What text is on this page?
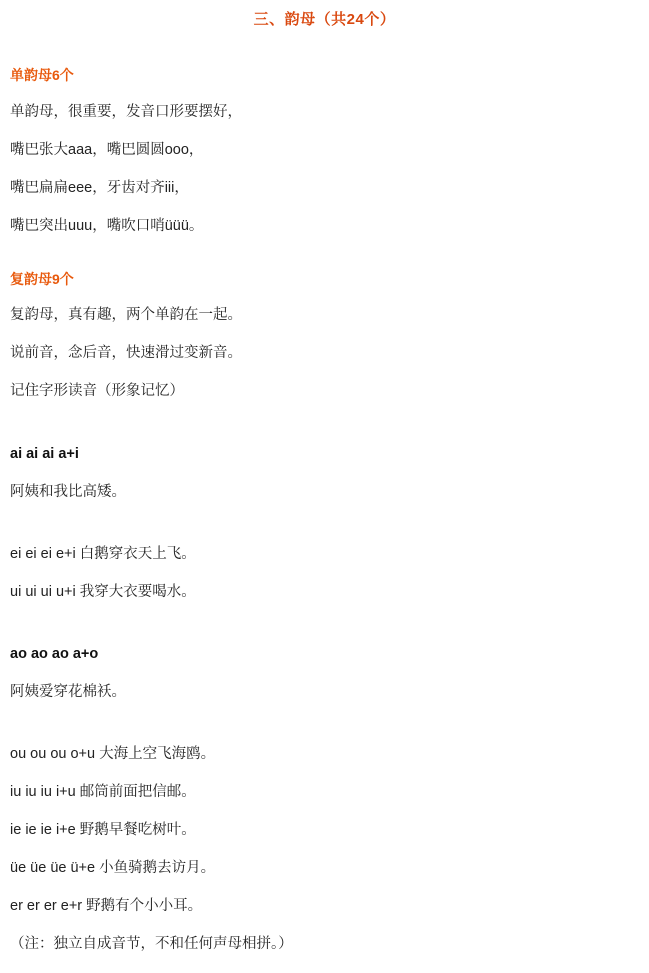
三、韵母（共24个）
单韵母6个
单韵母，很重要，发音口形要摆好，
嘴巴张大aaa，嘴巴圆圆ooo，
嘴巴扁扁eee，牙齿对齐iii，
嘴巴突出uuu，嘴吹口哨üüü。
复韵母9个
复韵母，真有趣，两个单韵在一起。
说前音，念后音，快速滑过变新音。
记住字形读音（形象记忆）
ai ai ai a+i
阿姨和我比高矮。
ei ei ei e+i 白鹅穿衣天上飞。
ui ui ui u+i 我穿大衣要喝水。
ao ao ao a+o
阿姨爱穿花棉袄。
ou ou ou o+u 大海上空飞海鸥。
iu iu iu i+u 邮筒前面把信邮。
ie ie ie i+e 野鹅早餐吃树叶。
üe üe üe ü+e 小鱼骑鹅去访月。
er er er e+r 野鹅有个小小耳。
（注：独立自成音节，不和任何声母相拼。）
